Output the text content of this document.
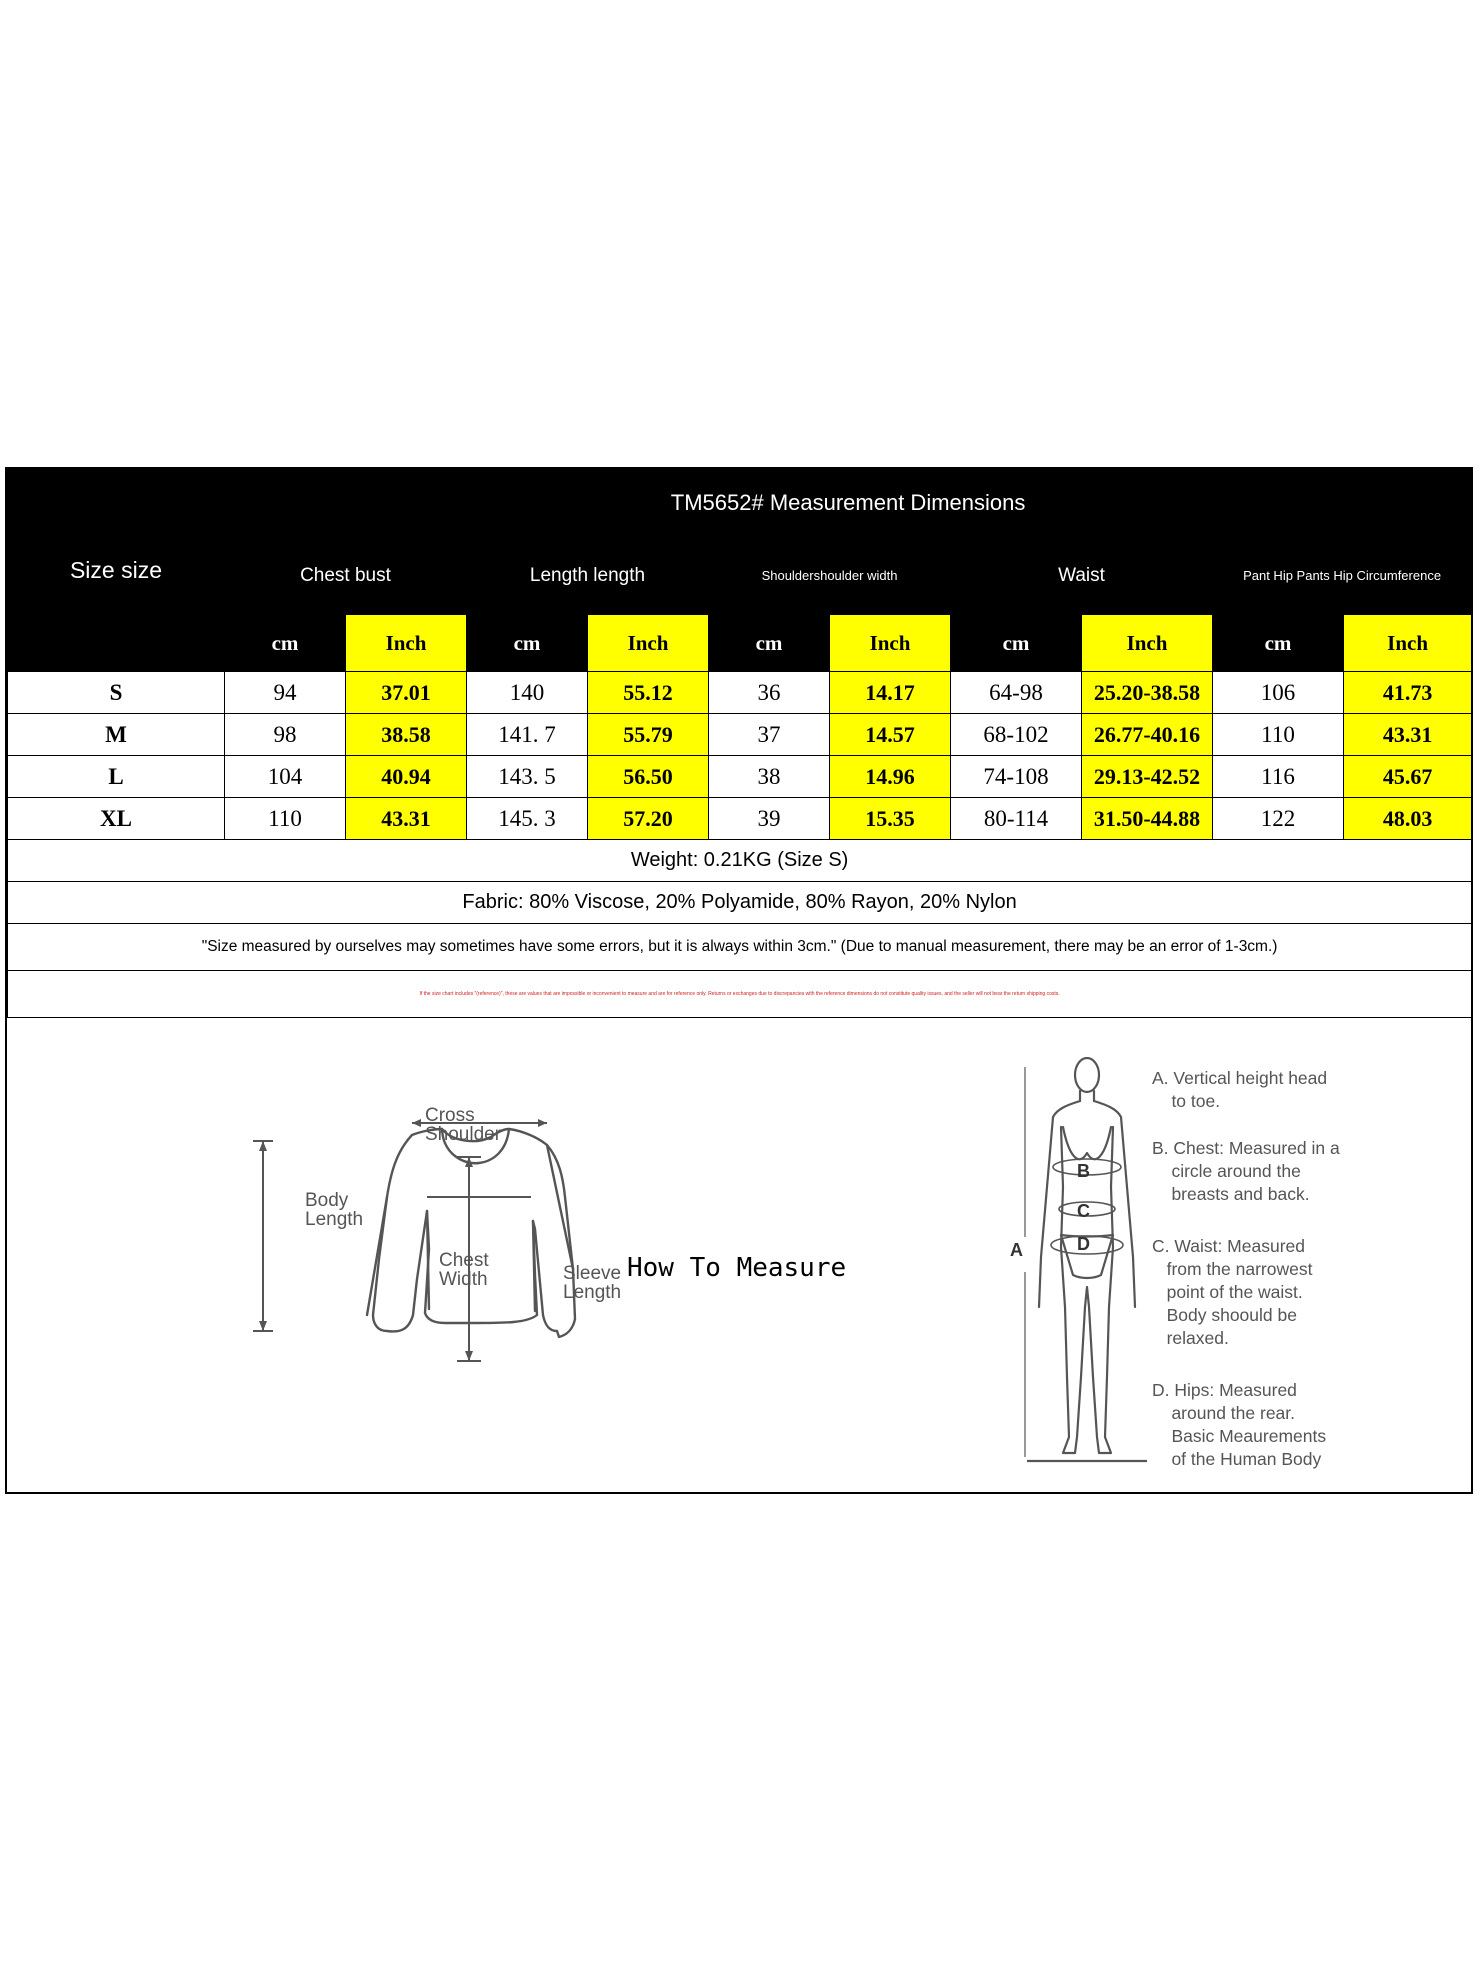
Size size	TM5652# Measurement Dimensions									
	Chest bust		Length length		Shouldershoulder width		Waist		Pant Hip Pants Hip Circumference	
	cm	Inch	cm	Inch	cm	Inch	cm	Inch	cm	Inch
S	94	37.01	140	55.12	36	14.17	64-98	25.20-38.58	106	41.73
M	98	38.58	141. 7	55.79	37	14.57	68-102	26.77-40.16	110	43.31
L	104	40.94	143. 5	56.50	38	14.96	74-108	29.13-42.52	116	45.67
XL	110	43.31	145. 3	57.20	39	15.35	80-114	31.50-44.88	122	48.03
Weight: 0.21KG (Size S)										
Fabric: 80% Viscose, 20% Polyamide, 80% Rayon, 20% Nylon										
"Size measured by ourselves may sometimes have some errors, but it is always within 3cm." (Due to manual measurement, there may be an error of 1-3cm.)										
If the size chart includes "(reference)", these are values that are impossible or inconvenient to measure and are for reference only. Returns or exchanges due to discrepancies with the reference dimensions do not constitute quality issues, and the seller will not bear the return shipping costs.										
Cross
Shoulder
Body
Length
Chest
Width	Sleeve
Length
How To Measure
B
C
D
A
A. Vertical height head
to toe.
B. Chest: Measured in a
circle around the
breasts and back.
C. Waist: Measured
from the narrowest
point of the waist.
Body shoould be
relaxed.
D. Hips: Measured
around the rear.
Basic Meaurements
of the Human Body
